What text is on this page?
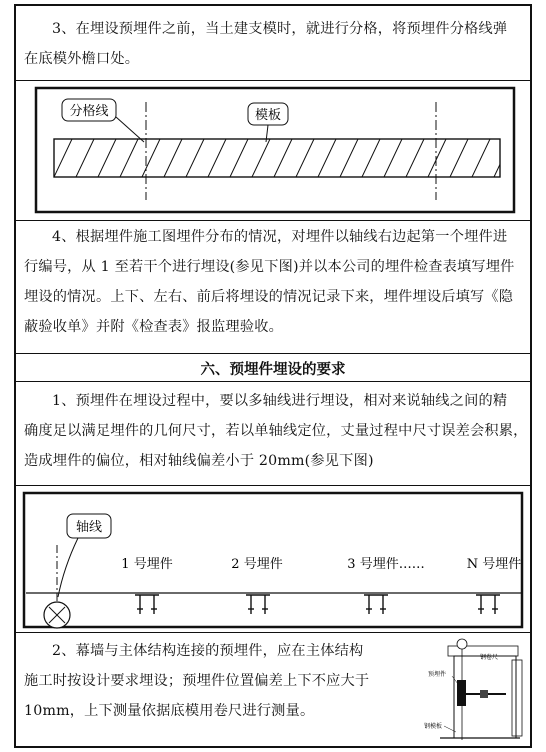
3、在埋设预埋件之前，当土建支模时，就进行分格，将预埋件分格线弹
在底模外檐口处。
分格线	模板
4、根据埋件施工图埋件分布的情况，对埋件以轴线右边起第一个埋件进
行编号，从 1 至若干个进行埋设(参见下图)并以本公司的埋件检查表填写埋件
埋设的情况。上下、左右、前后将埋设的情况记录下来，埋件埋设后填写《隐
蔽验收单》并附《检查表》报监理验收。
六、预埋件埋设的要求
1、预埋件在埋设过程中，要以多轴线进行埋设，相对来说轴线之间的精
确度足以满足埋件的几何尺寸，若以单轴线定位，丈量过程中尺寸误差会积累，
造成埋件的偏位，相对轴线偏差小于 20mm(参见下图)
轴线
1 号埋件	2 号埋件	3 号埋件……	N 号埋件
2、幕墙与主体结构连接的预埋件，应在主体结构
施工时按设计要求埋设；预埋件位置偏差上下不应大于
10mm，上下测量依据底模用卷尺进行测量。
钢卷尺
预埋件
钢模板
